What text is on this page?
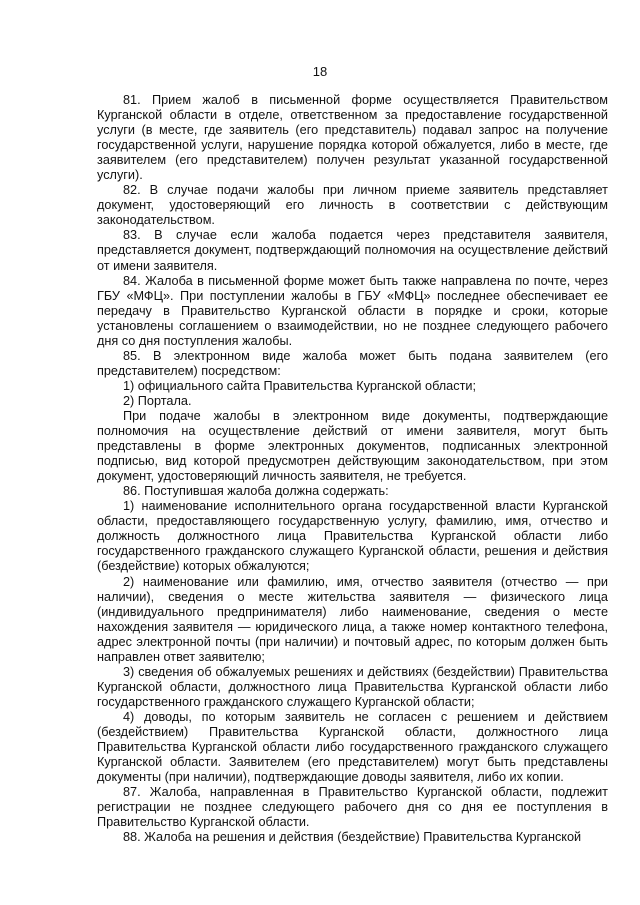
18

81. Прием жалоб в письменной форме осуществляется Правительством Курганской области в отделе, ответственном за предоставление государственной услуги (в месте, где заявитель (его представитель) подавал запрос на получение государственной услуги, нарушение порядка которой обжалуется, либо в месте, где заявителем (его представителем) получен результат указанной государственной услуги).

82. В случае подачи жалобы при личном приеме заявитель представляет документ, удостоверяющий его личность в соответствии с действующим законодательством.

83. В случае если жалоба подается через представителя заявителя, представляется документ, подтверждающий полномочия на осуществление действий от имени заявителя.

84. Жалоба в письменной форме может быть также направлена по почте, через ГБУ «МФЦ». При поступлении жалобы в ГБУ «МФЦ» последнее обеспечивает ее передачу в Правительство Курганской области в порядке и сроки, которые установлены соглашением о взаимодействии, но не позднее следующего рабочего дня со дня поступления жалобы.

85. В электронном виде жалоба может быть подана заявителем (его представителем) посредством:

1) официального сайта Правительства Курганской области;

2) Портала.

При подаче жалобы в электронном виде документы, подтверждающие полномочия на осуществление действий от имени заявителя, могут быть представлены в форме электронных документов, подписанных электронной подписью, вид которой предусмотрен действующим законодательством, при этом документ, удостоверяющий личность заявителя, не требуется.

86. Поступившая жалоба должна содержать:

1) наименование исполнительного органа государственной власти Курганской области, предоставляющего государственную услугу, фамилию, имя, отчество и должность должностного лица Правительства Курганской области либо государственного гражданского служащего Курганской области, решения и действия (бездействие) которых обжалуются;

2) наименование или фамилию, имя, отчество заявителя (отчество — при наличии), сведения о месте жительства заявителя — физического лица (индивидуального предпринимателя) либо наименование, сведения о месте нахождения заявителя — юридического лица, а также номер контактного телефона, адрес электронной почты (при наличии) и почтовый адрес, по которым должен быть направлен ответ заявителю;

3) сведения об обжалуемых решениях и действиях (бездействии) Правительства Курганской области, должностного лица Правительства Курганской области либо государственного гражданского служащего Курганской области;

4) доводы, по которым заявитель не согласен с решением и действием (бездействием) Правительства Курганской области, должностного лица Правительства Курганской области либо государственного гражданского служащего Курганской области. Заявителем (его представителем) могут быть представлены документы (при наличии), подтверждающие доводы заявителя, либо их копии.

87. Жалоба, направленная в Правительство Курганской области, подлежит регистрации не позднее следующего рабочего дня со дня ее поступления в Правительство Курганской области.

88. Жалоба на решения и действия (бездействие) Правительства Курганской
